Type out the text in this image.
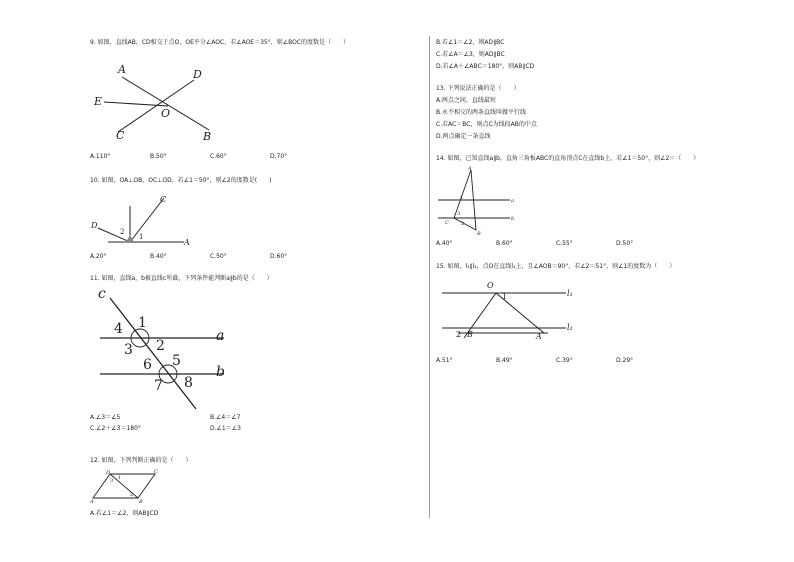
9. 如图，直线AB，CD相交于点O，OE平分∠AOC，若∠AOE＝35°，则∠BOC的度数是（　　）
A	D
E
O
C	B
A.110°	B.50°	C.60°	D.70°
10. 如图，OA⊥OB，OC⊥OD，若∠1＝50°，则∠2的度数是(　　)
C
D
2
1
A
A.20°	B.40°	C.50°	D.60°
11. 如图，直线a，b被直线c所截，下列条件能判断a∥b的是（　　）
c
4 1
a
3 2
6 5
b
7 8
A.∠3＝∠5	B.∠4＝∠7
C.∠2＋∠3＝180°	D.∠1＝∠3
12. 如图，下列判断正确的是（　　）
D	C
3 1
A
2
B
A.若∠1＝∠2，则AB∥CD
B.若∠1＝∠2，则AD∥BC
C.若∠A＝∠3，则AD∥BC
D.若∠A＋∠ABC＝180°，则AB∥CD
13. 下列说法正确的是（　　）
A.两点之间，直线最短
B.永不相交的两条直线叫做平行线
C.若AC＝BC，则点C为线段AB的中点
D.两点确定一条直线
14. 如图，已知直线a∥b，直角三角板ABC的直角顶点C在直线b上，若∠1＝50°，则∠2＝（　　）
A
1	a
C
3
b
2
B
A.40°	B.60°	C.55°	D.50°
15. 如图，l₁∥l₂，点O在直线l₁上，且∠AOB＝90°，若∠2＝51°，则∠1的度数为（　　）
O
1	l₁
l₂
2 B	A
A.51°	B.49°	C.39°	D.29°
